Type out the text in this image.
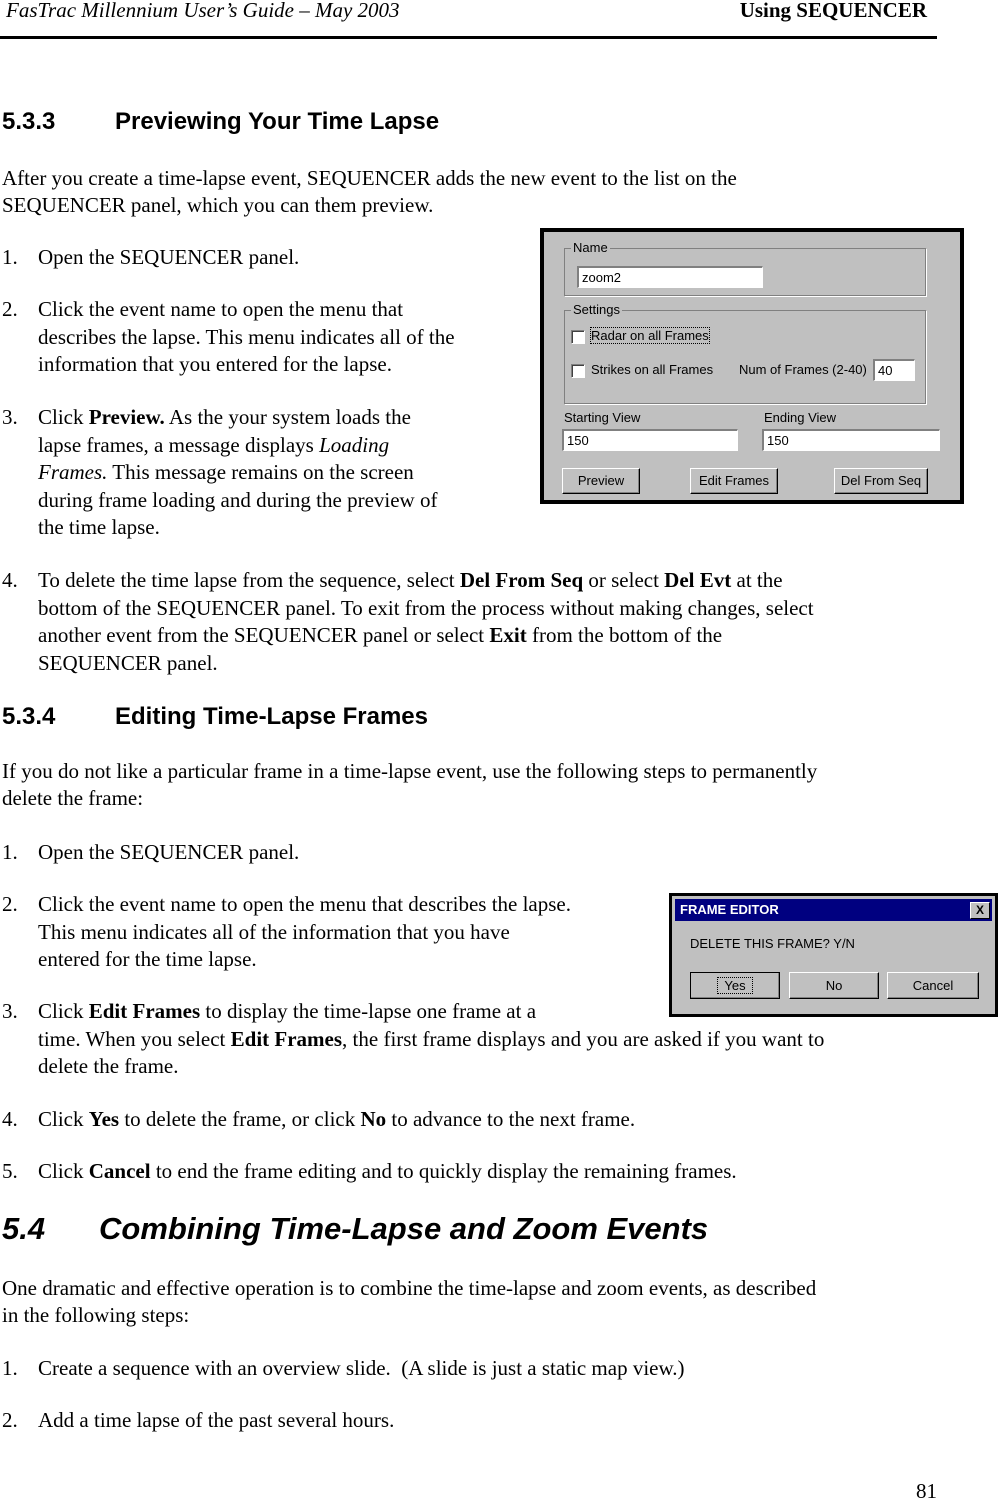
FasTrac Millennium User’s Guide – May 2003	Using SEQUENCER
5.3.3 Previewing Your Time Lapse

After you create a time-lapse event, SEQUENCER adds the new event to the list on the
SEQUENCER panel, which you can them preview.

1. Open the SEQUENCER panel.
2. Click the event name to open the menu that
describes the lapse. This menu indicates all of the
information that you entered for the lapse.
3. Click Preview. As the your system loads the
lapse frames, a message displays Loading
Frames. This message remains on the screen
during frame loading and during the preview of
the time lapse.
4. To delete the time lapse from the sequence, select Del From Seq or select Del Evt at the
bottom of the SEQUENCER panel. To exit from the process without making changes, select
another event from the SEQUENCER panel or select Exit from the bottom of the
SEQUENCER panel.
Name
zoom2
Settings
Radar on all Frames
Strikes on all Frames Num of Frames (2-40) 40
Starting View
150
Ending View
150
Preview	Edit Frames	Del From Seq
5.3.4 Editing Time-Lapse Frames

If you do not like a particular frame in a time-lapse event, use the following steps to permanently
delete the frame:

1. Open the SEQUENCER panel.
2. Click the event name to open the menu that describes the lapse.
This menu indicates all of the information that you have
entered for the time lapse.
3. Click Edit Frames to display the time-lapse one frame at a
time. When you select Edit Frames, the first frame displays and you are asked if you want to
delete the frame.
4. Click Yes to delete the frame, or click No to advance to the next frame.
5. Click Cancel to end the frame editing and to quickly display the remaining frames.
FRAME EDITOR	X
DELETE THIS FRAME? Y/N
Yes	No	Cancel
5.4 Combining Time-Lapse and Zoom Events

One dramatic and effective operation is to combine the time-lapse and zoom events, as described
in the following steps:

1. Create a sequence with an overview slide.  (A slide is just a static map view.)
2. Add a time lapse of the past several hours.
81
